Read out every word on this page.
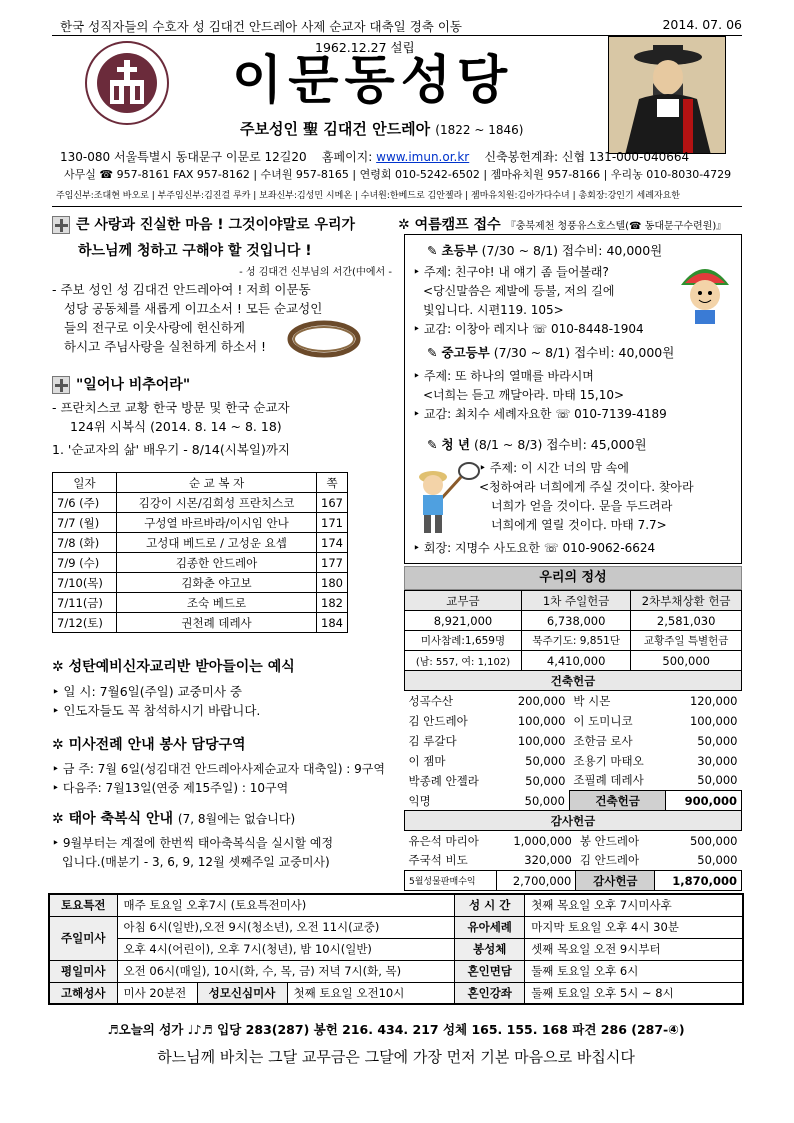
한국 성직자들의 수호자 성 김대건 안드레아 사제 순교자 대축일 경축 이동	2014. 07. 06
1962.12.27 설립
이문동성당
주보성인 聖 김대건 안드레아 (1822 ~ 1846)
130-080 서울특별시 동대문구 이문로 12길20 홈페이지: www.imun.or.kr 신축봉헌계좌: 신협 131-000-040664
사무실 ☎ 957-8161 FAX 957-8162 | 수녀원 957-8165 | 연령회 010-5242-6502 | 젬마유치원 957-8166 | 우리농 010-8030-4729
주임신부:조대현 바오로 | 부주임신부:김진걸 루카 | 보좌신부:김성민 시메온 | 수녀원:한베드로 김안젤라 | 젬마유치원:김아가다수녀 | 총회장:강인기 세례자요한
큰 사랑과 진실한 마음 ! 그것이야말로 우리가
하느님께 청하고 구해야 할 것입니다 !
- 성 김대건 신부님의 서간(中에서 -
- 주보 성인 성 김대건 안드레아여 ! 저희 이문동
성당 공동체를 새롭게 이끄소서 ! 모든 순교성인
들의 전구로 이웃사랑에 헌신하게
하시고 주님사랑을 실천하게 하소서 !
"일어나 비추어라"
- 프란치스코 교황 한국 방문 및 한국 순교자
124위 시복식 (2014. 8. 14 ~ 8. 18)
1. '순교자의 삶' 배우기 - 8/14(시복일)까지
일자	순 교 복 자	쪽
7/6 (주)	김강이 시몬/김희성 프란치스코	167
7/7 (월)	구성열 바르바라/이시임 안나	171
7/8 (화)	고성대 베드로 / 고성운 요셉	174
7/9 (수)	김종한 안드레아	177
7/10(목)	김화춘 야고보	180
7/11(금)	조숙 베드로	182
7/12(토)	권천례 데레사	184
✲ 성탄예비신자교리반 받아들이는 예식
‣ 일 시: 7월6일(주일) 교중미사 중
‣ 인도자들도 꼭 참석하시기 바랍니다.
✲ 미사전례 안내 봉사 담당구역
‣ 금 주: 7월 6일(성김대건 안드레아사제순교자 대축일) : 9구역
‣ 다음주: 7월13일(연중 제15주일) : 10구역
✲ 태아 축복식 안내 (7, 8월에는 없습니다)
‣ 9월부터는 계절에 한번씩 태아축복식을 실시할 예정
입니다.(매분기 - 3, 6, 9, 12월 셋째주일 교중미사)
✲ 여름캠프 접수 『충북제천 청풍유스호스텔(☎ 동대문구수련원)』
✎ 초등부 (7/30 ~ 8/1) 접수비: 40,000원
‣ 주제: 친구야! 내 얘기 좀 들어볼래?
<당신말씀은 제발에 등불, 저의 길에
빛입니다. 시편119. 105>
‣ 교감: 이창아 레지나 ☏ 010-8448-1904
✎ 중고등부 (7/30 ~ 8/1) 접수비: 40,000원
‣ 주제: 또 하나의 열매를 바라시며
<너희는 듣고 깨달아라. 마태 15,10>
‣ 교감: 최치수 세례자요한 ☏ 010-7139-4189
✎ 청 년 (8/1 ~ 8/3) 접수비: 45,000원
‣ 주제: 이 시간 너의 맘 속에
<청하여라 너희에게 주실 것이다. 찾아라
너희가 얻을 것이다. 문을 두드려라
너희에게 열릴 것이다. 마태 7.7>
‣ 회장: 지명수 사도요한 ☏ 010-9062-6624
우리의 정성
교무금	1차 주일헌금	2차부채상환 헌금
8,921,000	6,738,000	2,581,030
미사참례:1,659명	묵주기도: 9,851단	교황주일 특별헌금
(남: 557, 여: 1,102)	4,410,000	500,000
건축헌금			
성곡수산	200,000	박 시몬	120,000
김 안드레아	100,000	이 도미니코	100,000
김 루갈다	100,000	조한금 로사	50,000
이 젬마	50,000	조용기 마태오	30,000
박종례 안젤라	50,000	조필례 데레사	50,000
익명	50,000	건축헌금	900,000
감사헌금			
유은석 마리아	1,000,000	봉 안드레아	500,000
주국석 비도	320,000	김 안드레아	50,000
5월성물판매수익	2,700,000	감사헌금	1,870,000
토요특전	매주 토요일 오후7시 (토요특전미사)			성 시 간	첫째 목요일 오후 7시미사후
주일미사	아침 6시(일반),오전 9시(청소년), 오전 11시(교중)			유아세례	마지막 토요일 오후 4시 30분
	오후 4시(어린이), 오후 7시(청년), 밤 10시(일반)			봉성체	셋째 목요일 오전 9시부터
평일미사	오전 06시(매일), 10시(화, 수, 목, 금) 저녁 7시(화, 목)			혼인면담	둘째 토요일 오후 6시
고해성사	미사 20분전	성모신심미사	첫째 토요일 오전10시	혼인강좌	둘째 토요일 오후 5시 ~ 8시
♬오늘의 성가 ♩♪♬ 입당 283(287) 봉헌 216. 434. 217 성체 165. 155. 168 파견 286 (287-④)
하느님께 바치는 그달 교무금은 그달에 가장 먼저 기본 마음으로 바칩시다
